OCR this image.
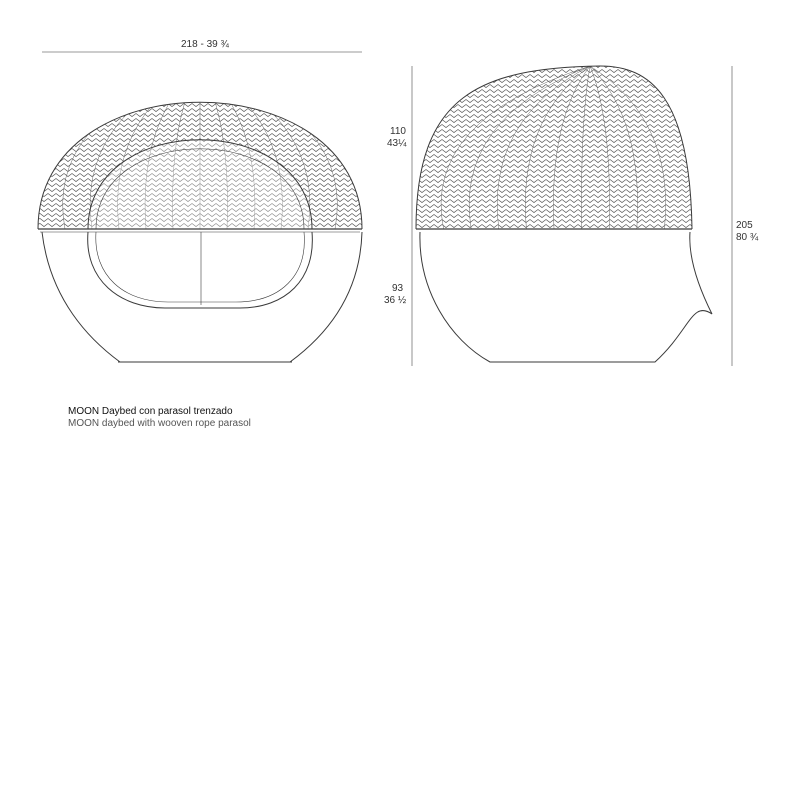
218 - 39 ¾
110
43¼
93
36 ½
205
80 ¾
MOON Daybed con parasol trenzado
MOON daybed with wooven rope parasol
